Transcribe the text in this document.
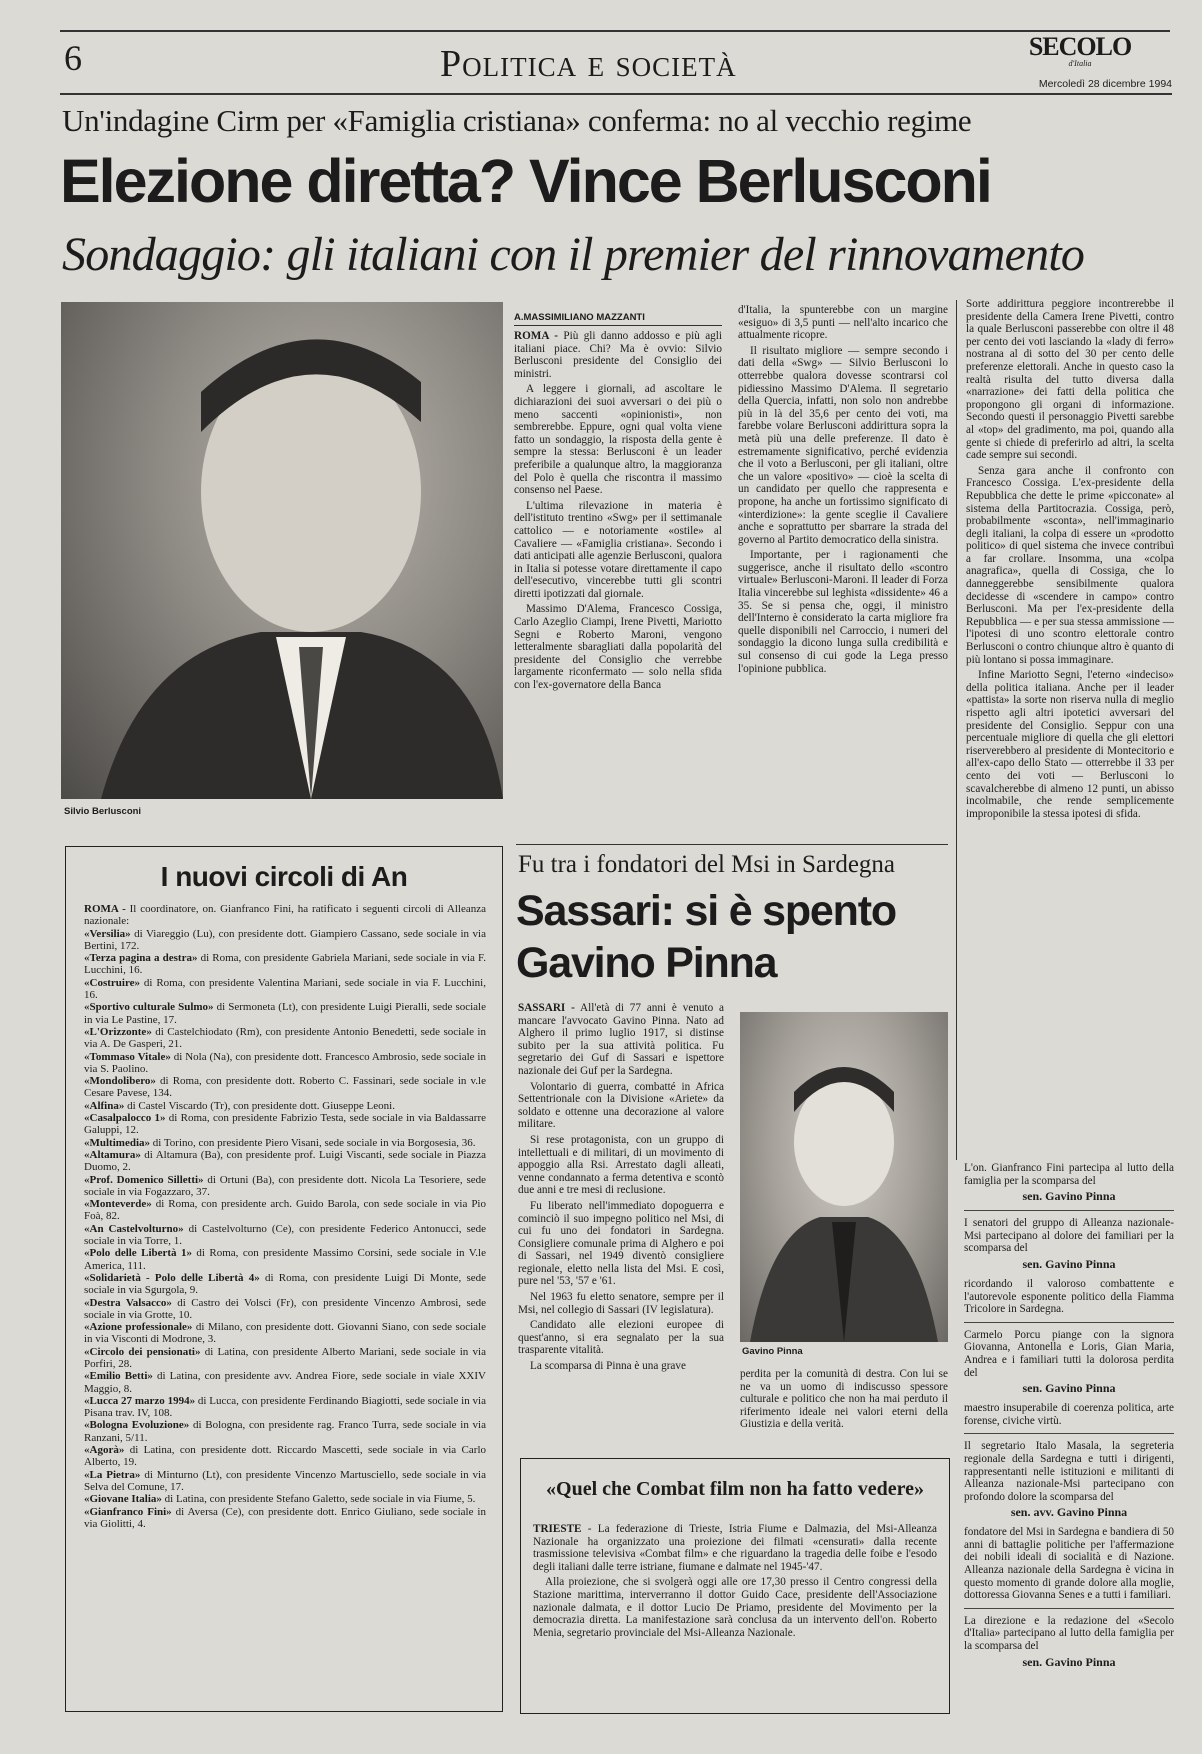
6	Politica e società	SECOLO
d'Italia
Mercoledì 28 dicembre 1994
Un'indagine Cirm per «Famiglia cristiana» conferma: no al vecchio regime
Elezione diretta? Vince Berlusconi
Sondaggio: gli italiani con il premier del rinnovamento
Silvio Berlusconi
A.MASSIMILIANO MAZZANTI

ROMA - Più gli danno addosso e più agli italiani piace. Chi? Ma è ovvio: Silvio Berlusconi presidente del Consiglio dei ministri.

A leggere i giornali, ad ascoltare le dichiarazioni dei suoi avversari o dei più o meno saccenti «opinionisti», non sembrerebbe. Eppure, ogni qual volta viene fatto un sondaggio, la risposta della gente è sempre la stessa: Berlusconi è un leader preferibile a qualunque altro, la maggioranza del Polo è quella che riscontra il massimo consenso nel Paese.

L'ultima rilevazione in materia è dell'istituto trentino «Swg» per il settimanale cattolico — e notoriamente «ostile» al Cavaliere — «Famiglia cristiana». Secondo i dati anticipati alle agenzie Berlusconi, qualora in Italia si potesse votare direttamente il capo dell'esecutivo, vincerebbe tutti gli scontri diretti ipotizzati dal giornale.

Massimo D'Alema, Francesco Cossiga, Carlo Azeglio Ciampi, Irene Pivetti, Mariotto Segni e Roberto Maroni, vengono letteralmente sbaragliati dalla popolarità del presidente del Consiglio che verrebbe largamente riconfermato — solo nella sfida con l'ex-governatore della Banca

d'Italia, la spunterebbe con un margine «esiguo» di 3,5 punti — nell'alto incarico che attualmente ricopre.

Il risultato migliore — sempre secondo i dati della «Swg» — Silvio Berlusconi lo otterrebbe qualora dovesse scontrarsi col pidiessino Massimo D'Alema. Il segretario della Quercia, infatti, non solo non andrebbe più in là del 35,6 per cento dei voti, ma farebbe volare Berlusconi addirittura sopra la metà più una delle preferenze. Il dato è estremamente significativo, perché evidenzia che il voto a Berlusconi, per gli italiani, oltre che un valore «positivo» — cioè la scelta di un candidato per quello che rappresenta e propone, ha anche un fortissimo significato di «interdizione»: la gente sceglie il Cavaliere anche e soprattutto per sbarrare la strada del governo al Partito democratico della sinistra.

Importante, per i ragionamenti che suggerisce, anche il risultato dello «scontro virtuale» Berlusconi-Maroni. Il leader di Forza Italia vincerebbe sul leghista «dissidente» 46 a 35. Se si pensa che, oggi, il ministro dell'Interno è considerato la carta migliore fra quelle disponibili nel Carroccio, i numeri del sondaggio la dicono lunga sulla credibilità e sul consenso di cui gode la Lega presso l'opinione pubblica.

Sorte addirittura peggiore incontrerebbe il presidente della Camera Irene Pivetti, contro la quale Berlusconi passerebbe con oltre il 48 per cento dei voti lasciando la «lady di ferro» nostrana al di sotto del 30 per cento delle preferenze elettorali. Anche in questo caso la realtà risulta del tutto diversa dalla «narrazione» dei fatti della politica che propongono gli organi di informazione. Secondo questi il personaggio Pivetti sarebbe al «top» del gradimento, ma poi, quando alla gente si chiede di preferirlo ad altri, la scelta cade sempre sui secondi.

Senza gara anche il confronto con Francesco Cossiga. L'ex-presidente della Repubblica che dette le prime «picconate» al sistema della Partitocrazia. Cossiga, però, probabilmente «sconta», nell'immaginario degli italiani, la colpa di essere un «prodotto politico» di quel sistema che invece contribuì a far crollare. Insomma, una «colpa anagrafica», quella di Cossiga, che lo danneggerebbe sensibilmente qualora decidesse di «scendere in campo» contro Berlusconi. Ma per l'ex-presidente della Repubblica — e per sua stessa ammissione — l'ipotesi di uno scontro elettorale contro Berlusconi o contro chiunque altro è quanto di più lontano si possa immaginare.

Infine Mariotto Segni, l'eterno «indeciso» della politica italiana. Anche per il leader «pattista» la sorte non riserva nulla di meglio rispetto agli altri ipotetici avversari del presidente del Consiglio. Seppur con una percentuale migliore di quella che gli elettori riserverebbero al presidente di Montecitorio e all'ex-capo dello Stato — otterrebbe il 33 per cento dei voti — Berlusconi lo scavalcherebbe di almeno 12 punti, un abisso incolmabile, che rende semplicemente improponibile la stessa ipotesi di sfida.

I nuovi circoli di An

ROMA - Il coordinatore, on. Gianfranco Fini, ha ratificato i seguenti circoli di Alleanza nazionale:

«Versilia» di Viareggio (Lu), con presidente dott. Giampiero Cassano, sede sociale in via Bertini, 172.

«Terza pagina a destra» di Roma, con presidente Gabriela Mariani, sede sociale in via F. Lucchini, 16.

«Costruire» di Roma, con presidente Valentina Mariani, sede sociale in via F. Lucchini, 16.

«Sportivo culturale Sulmo» di Sermoneta (Lt), con presidente Luigi Pieralli, sede sociale in via Le Pastine, 17.

«L'Orizzonte» di Castelchiodato (Rm), con presidente Antonio Benedetti, sede sociale in via A. De Gasperi, 21.

«Tommaso Vitale» di Nola (Na), con presidente dott. Francesco Ambrosio, sede sociale in via S. Paolino.

«Mondolibero» di Roma, con presidente dott. Roberto C. Fassinari, sede sociale in v.le Cesare Pavese, 134.

«Alfina» di Castel Viscardo (Tr), con presidente dott. Giuseppe Leoni.

«Casalpalocco 1» di Roma, con presidente Fabrizio Testa, sede sociale in via Baldassarre Galuppi, 12.

«Multimedia» di Torino, con presidente Piero Visani, sede sociale in via Borgosesia, 36.

«Altamura» di Altamura (Ba), con presidente prof. Luigi Viscanti, sede sociale in Piazza Duomo, 2.

«Prof. Domenico Silletti» di Ortuni (Ba), con presidente dott. Nicola La Tesoriere, sede sociale in via Fogazzaro, 37.

«Monteverde» di Roma, con presidente arch. Guido Barola, con sede sociale in via Pio Foà, 82.

«An Castelvolturno» di Castelvolturno (Ce), con presidente Federico Antonucci, sede sociale in via Torre, 1.

«Polo delle Libertà 1» di Roma, con presidente Massimo Corsini, sede sociale in V.le America, 111.

«Solidarietà - Polo delle Libertà 4» di Roma, con presidente Luigi Di Monte, sede sociale in via Sgurgola, 9.

«Destra Valsacco» di Castro dei Volsci (Fr), con presidente Vincenzo Ambrosi, sede sociale in via Grotte, 10.

«Azione professionale» di Milano, con presidente dott. Giovanni Siano, con sede sociale in via Visconti di Modrone, 3.

«Circolo dei pensionati» di Latina, con presidente Alberto Mariani, sede sociale in via Porfiri, 28.

«Emilio Betti» di Latina, con presidente avv. Andrea Fiore, sede sociale in viale XXIV Maggio, 8.

«Lucca 27 marzo 1994» di Lucca, con presidente Ferdinando Biagiotti, sede sociale in via Pisana trav. IV, 108.

«Bologna Evoluzione» di Bologna, con presidente rag. Franco Turra, sede sociale in via Ranzani, 5/11.

«Agorà» di Latina, con presidente dott. Riccardo Mascetti, sede sociale in via Carlo Alberto, 19.

«La Pietra» di Minturno (Lt), con presidente Vincenzo Martusciello, sede sociale in via Selva del Comune, 17.

«Giovane Italia» di Latina, con presidente Stefano Galetto, sede sociale in via Fiume, 5.

«Gianfranco Fini» di Aversa (Ce), con presidente dott. Enrico Giuliano, sede sociale in via Giolitti, 4.

Fu tra i fondatori del Msi in Sardegna
Sassari: si è spento
Gavino Pinna

SASSARI - All'età di 77 anni è venuto a mancare l'avvocato Gavino Pinna. Nato ad Alghero il primo luglio 1917, si distinse subito per la sua attività politica. Fu segretario dei Guf di Sassari e ispettore nazionale dei Guf per la Sardegna.

Volontario di guerra, combatté in Africa Settentrionale con la Divisione «Ariete» da soldato e ottenne una decorazione al valore militare.

Si rese protagonista, con un gruppo di intellettuali e di militari, di un movimento di appoggio alla Rsi. Arrestato dagli alleati, venne condannato a ferma detentiva e scontò due anni e tre mesi di reclusione.

Fu liberato nell'immediato dopoguerra e cominciò il suo impegno politico nel Msi, di cui fu uno dei fondatori in Sardegna. Consigliere comunale prima di Alghero e poi di Sassari, nel 1949 diventò consigliere regionale, eletto nella lista del Msi. E così, pure nel '53, '57 e '61.

Nel 1963 fu eletto senatore, sempre per il Msi, nel collegio di Sassari (IV legislatura).

Candidato alle elezioni europee di quest'anno, si era segnalato per la sua trasparente vitalità.

La scomparsa di Pinna è una grave

Gavino Pinna

perdita per la comunità di destra. Con lui se ne va un uomo di indiscusso spessore culturale e politico che non ha mai perduto il riferimento ideale nei valori eterni della Giustizia e della verità.

«Quel che Combat film non ha fatto vedere»

TRIESTE - La federazione di Trieste, Istria Fiume e Dalmazia, del Msi-Alleanza Nazionale ha organizzato una proiezione dei filmati «censurati» dalla recente trasmissione televisiva «Combat film» e che riguardano la tragedia delle foibe e l'esodo degli italiani dalle terre istriane, fiumane e dalmate nel 1945-'47.

Alla proiezione, che si svolgerà oggi alle ore 17,30 presso il Centro congressi della Stazione marittima, interverranno il dottor Guido Cace, presidente dell'Associazione nazionale dalmata, e il dottor Lucio De Priamo, presidente del Movimento per la democrazia diretta. La manifestazione sarà conclusa da un intervento dell'on. Roberto Menia, segretario provinciale del Msi-Alleanza Nazionale.

L'on. Gianfranco Fini partecipa al lutto della famiglia per la scomparsa del

sen. Gavino Pinna

I senatori del gruppo di Alleanza nazionale-Msi partecipano al dolore dei familiari per la scomparsa del

sen. Gavino Pinna

ricordando il valoroso combattente e l'autorevole esponente politico della Fiamma Tricolore in Sardegna.

Carmelo Porcu piange con la signora Giovanna, Antonella e Loris, Gian Maria, Andrea e i familiari tutti la dolorosa perdita del

sen. Gavino Pinna

maestro insuperabile di coerenza politica, arte forense, civiche virtù.

Il segretario Italo Masala, la segreteria regionale della Sardegna e tutti i dirigenti, rappresentanti nelle istituzioni e militanti di Alleanza nazionale-Msi partecipano con profondo dolore la scomparsa del

sen. avv. Gavino Pinna

fondatore del Msi in Sardegna e bandiera di 50 anni di battaglie politiche per l'affermazione dei nobili ideali di socialità e di Nazione. Alleanza nazionale della Sardegna è vicina in questo momento di grande dolore alla moglie, dottoressa Giovanna Senes e a tutti i familiari.

La direzione e la redazione del «Secolo d'Italia» partecipano al lutto della famiglia per la scomparsa del

sen. Gavino Pinna
